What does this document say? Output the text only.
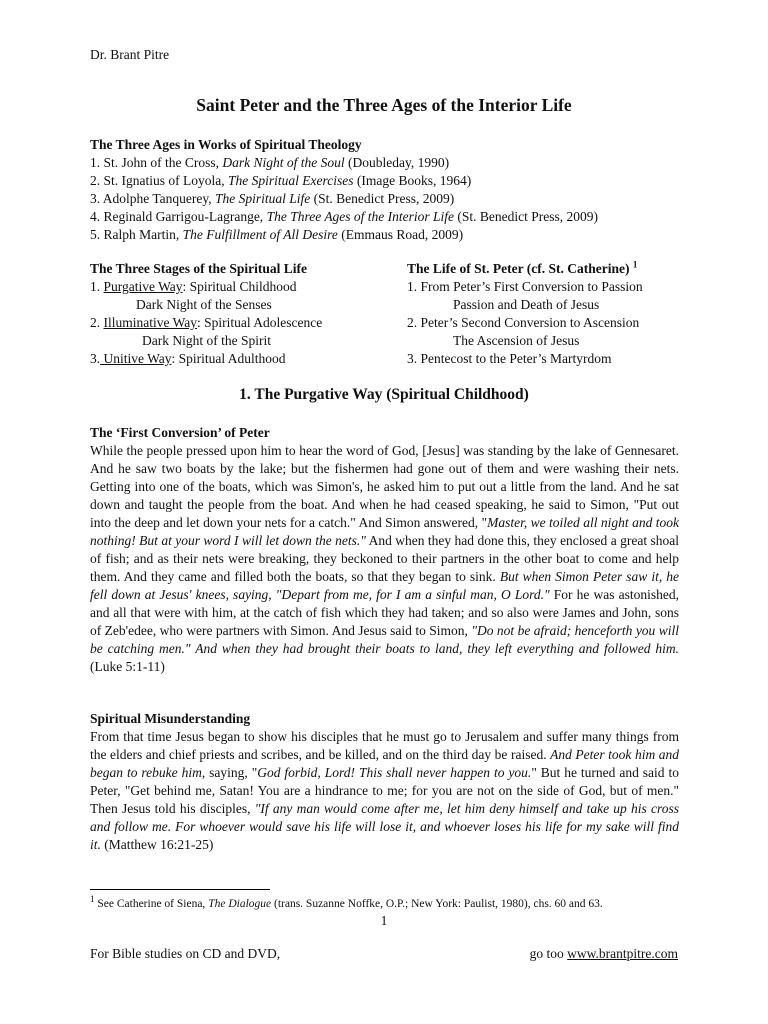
Dr. Brant Pitre
Saint Peter and the Three Ages of the Interior Life
The Three Ages in Works of Spiritual Theology
1. St. John of the Cross, Dark Night of the Soul (Doubleday, 1990)
2. St. Ignatius of Loyola, The Spiritual Exercises (Image Books, 1964)
3. Adolphe Tanquerey, The Spiritual Life (St. Benedict Press, 2009)
4. Reginald Garrigou-Lagrange, The Three Ages of the Interior Life (St. Benedict Press, 2009)
5. Ralph Martin, The Fulfillment of All Desire (Emmaus Road, 2009)
The Three Stages of the Spiritual Life
1. Purgative Way: Spiritual Childhood
Dark Night of the Senses
2. Illuminative Way: Spiritual Adolescence
Dark Night of the Spirit
3. Unitive Way: Spiritual Adulthood
The Life of St. Peter (cf. St. Catherine) $^1$
1. From Peter’s First Conversion to Passion
Passion and Death of Jesus
2. Peter’s Second Conversion to Ascension
The Ascension of Jesus
3. Pentecost to the Peter’s Martyrdom
1. The Purgative Way (Spiritual Childhood)
The ‘First Conversion’ of Peter
While the people pressed upon him to hear the word of God, [Jesus] was standing by the lake of Gennesaret. And he saw two boats by the lake; but the fishermen had gone out of them and were washing their nets. Getting into one of the boats, which was Simon's, he asked him to put out a little from the land. And he sat down and taught the people from the boat. And when he had ceased speaking, he said to Simon, "Put out into the deep and let down your nets for a catch." And Simon answered, "Master, we toiled all night and took nothing! But at your word I will let down the nets." And when they had done this, they enclosed a great shoal of fish; and as their nets were breaking, they beckoned to their partners in the other boat to come and help them. And they came and filled both the boats, so that they began to sink. But when Simon Peter saw it, he fell down at Jesus' knees, saying, "Depart from me, for I am a sinful man, O Lord." For he was astonished, and all that were with him, at the catch of fish which they had taken; and so also were James and John, sons of Zeb'edee, who were partners with Simon. And Jesus said to Simon, "Do not be afraid; henceforth you will be catching men." And when they had brought their boats to land, they left everything and followed him. (Luke 5:1-11)
Spiritual Misunderstanding
From that time Jesus began to show his disciples that he must go to Jerusalem and suffer many things from the elders and chief priests and scribes, and be killed, and on the third day be raised. And Peter took him and began to rebuke him, saying, "God forbid, Lord! This shall never happen to you." But he turned and said to Peter, "Get behind me, Satan! You are a hindrance to me; for you are not on the side of God, but of men." Then Jesus told his disciples, "If any man would come after me, let him deny himself and take up his cross and follow me. For whoever would save his life will lose it, and whoever loses his life for my sake will find it. (Matthew 16:21-25)
$^1$ See Catherine of Siena, The Dialogue (trans. Suzanne Noffke, O.P.; New York: Paulist, 1980), chs. 60 and 63.
1
For Bible studies on CD and DVD,	go too www.brantpitre.com
